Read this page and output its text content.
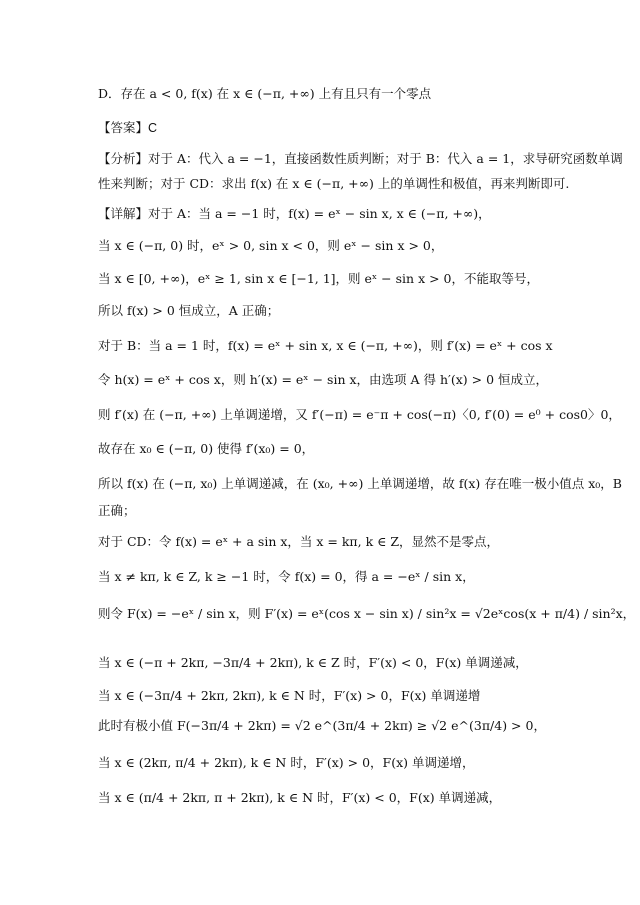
D．存在 a < 0, f(x) 在 x ∈ (−π, +∞) 上有且只有一个零点
【答案】C
【分析】对于 A：代入 a = −1，直接函数性质判断；对于 B：代入 a = 1，求导研究函数单调
性来判断；对于 CD：求出 f(x) 在 x ∈ (−π, +∞) 上的单调性和极值，再来判断即可.
【详解】对于 A：当 a = −1 时，f(x) = eˣ − sin x, x ∈ (−π, +∞)，
当 x ∈ (−π, 0) 时，eˣ > 0, sin x < 0，则 eˣ − sin x > 0，
当 x ∈ [0, +∞)，eˣ ≥ 1, sin x ∈ [−1, 1]，则 eˣ − sin x > 0，不能取等号，
所以 f(x) > 0 恒成立，A 正确；
对于 B：当 a = 1 时，f(x) = eˣ + sin x, x ∈ (−π, +∞)，则 f′(x) = eˣ + cos x
令 h(x) = eˣ + cos x，则 h′(x) = eˣ − sin x，由选项 A 得 h′(x) > 0 恒成立，
则 f′(x) 在 (−π, +∞) 上单调递增，又 f′(−π) = e⁻π + cos(−π)〈0, f′(0) = e⁰ + cos0〉0，
故存在 x₀ ∈ (−π, 0) 使得 f′(x₀) = 0，
所以 f(x) 在 (−π, x₀) 上单调递减，在 (x₀, +∞) 上单调递增，故 f(x) 存在唯一极小值点 x₀，B
正确；
对于 CD：令 f(x) = eˣ + a sin x，当 x = kπ, k ∈ Z，显然不是零点，
当 x ≠ kπ, k ∈ Z, k ≥ −1 时，令 f(x) = 0，得 a = −eˣ / sin x，
则令 F(x) = −eˣ / sin x，则 F′(x) = eˣ(cos x − sin x) / sin²x = √2eˣcos(x + π/4) / sin²x，
当 x ∈ (−π + 2kπ, −3π/4 + 2kπ), k ∈ Z 时，F′(x) < 0，F(x) 单调递减，
当 x ∈ (−3π/4 + 2kπ, 2kπ), k ∈ N 时，F′(x) > 0，F(x) 单调递增
此时有极小值 F(−3π/4 + 2kπ) = √2 e^(3π/4 + 2kπ) ≥ √2 e^(3π/4) > 0，
当 x ∈ (2kπ, π/4 + 2kπ), k ∈ N 时，F′(x) > 0，F(x) 单调递增，
当 x ∈ (π/4 + 2kπ, π + 2kπ), k ∈ N 时，F′(x) < 0，F(x) 单调递减，
